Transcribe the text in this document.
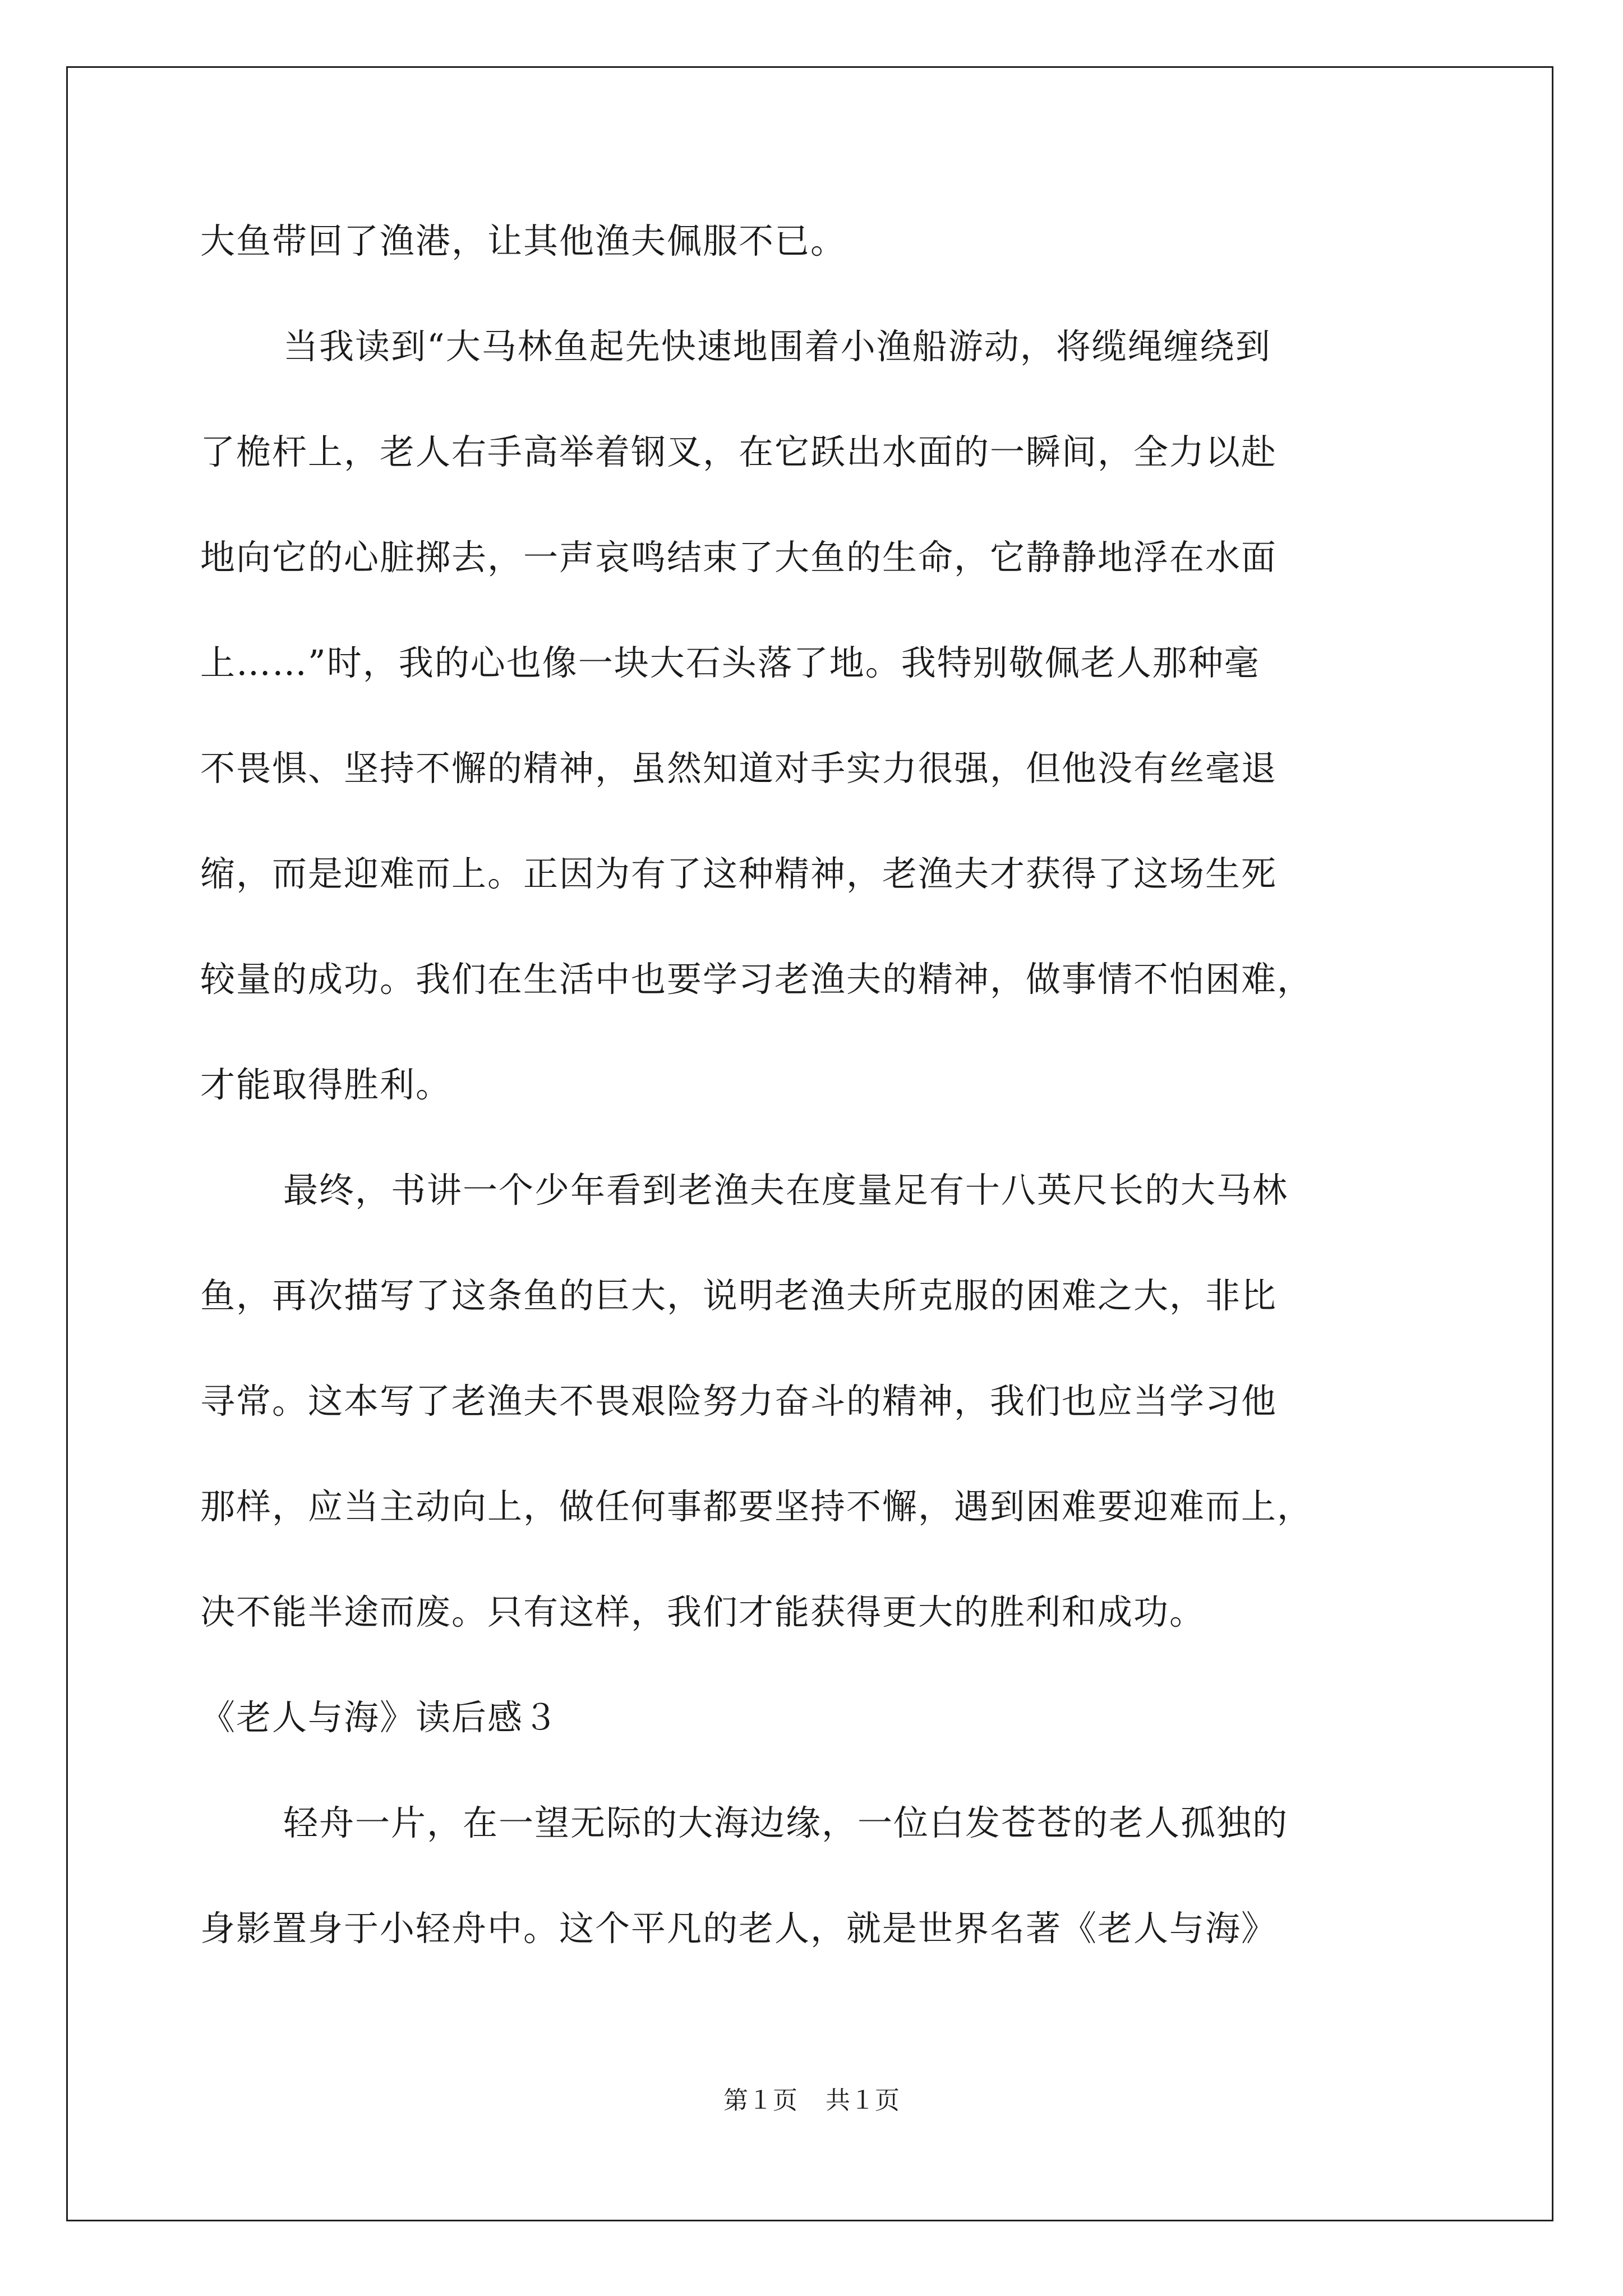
大鱼带回了渔港，让其他渔夫佩服不已。
当我读到“大马林鱼起先快速地围着小渔船游动，将缆绳缠绕到
了桅杆上，老人右手高举着钢叉，在它跃出水面的一瞬间，全力以赴
地向它的心脏掷去，一声哀鸣结束了大鱼的生命，它静静地浮在水面
上……”时，我的心也像一块大石头落了地。我特别敬佩老人那种毫
不畏惧、坚持不懈的精神，虽然知道对手实力很强，但他没有丝毫退
缩，而是迎难而上。正因为有了这种精神，老渔夫才获得了这场生死
较量的成功。我们在生活中也要学习老渔夫的精神，做事情不怕困难，
才能取得胜利。
最终，书讲一个少年看到老渔夫在度量足有十八英尺长的大马林
鱼，再次描写了这条鱼的巨大，说明老渔夫所克服的困难之大，非比
寻常。这本写了老渔夫不畏艰险努力奋斗的精神，我们也应当学习他
那样，应当主动向上，做任何事都要坚持不懈，遇到困难要迎难而上，
决不能半途而废。只有这样，我们才能获得更大的胜利和成功。
《老人与海》读后感３
轻舟一片，在一望无际的大海边缘，一位白发苍苍的老人孤独的
身影置身于小轻舟中。这个平凡的老人，就是世界名著《老人与海》
第１页 共１页
